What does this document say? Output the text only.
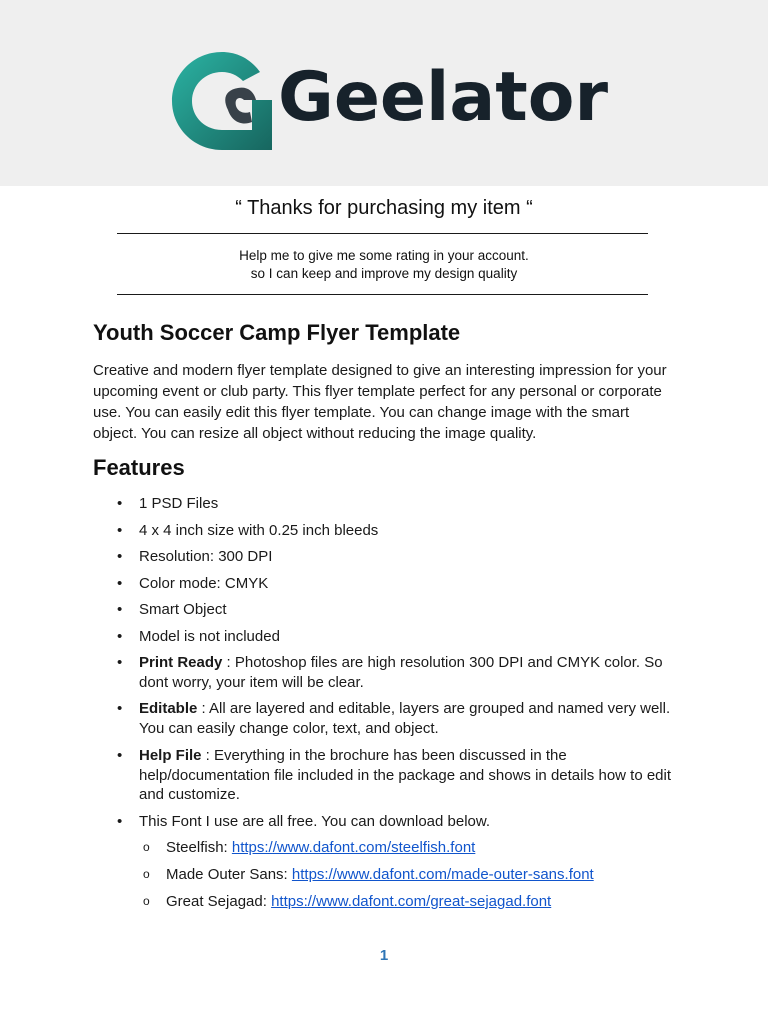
Geelator
“ Thanks for purchasing my item “
Help me to give me some rating in your account.
so I can keep and improve my design quality
Youth Soccer Camp Flyer Template
Creative and modern flyer template designed to give an interesting impression for your upcoming event or club party. This flyer template perfect for any personal or corporate use. You can easily edit this flyer template. You can change image with the smart object. You can resize all object without reducing the image quality.
Features
• 1 PSD Files
• 4 x 4 inch size with 0.25 inch bleeds
• Resolution: 300 DPI
• Color mode: CMYK
• Smart Object
• Model is not included
• Print Ready : Photoshop files are high resolution 300 DPI and CMYK color. So dont worry, your item will be clear.
• Editable : All are layered and editable, layers are grouped and named very well. You can easily change color, text, and object.
• Help File : Everything in the brochure has been discussed in the help/documentation file included in the package and shows in details how to edit and customize.
• This Font I use are all free. You can download below.
o Steelfish: https://www.dafont.com/steelfish.font
o Made Outer Sans: https://www.dafont.com/made-outer-sans.font
o Great Sejagad: https://www.dafont.com/great-sejagad.font
1
